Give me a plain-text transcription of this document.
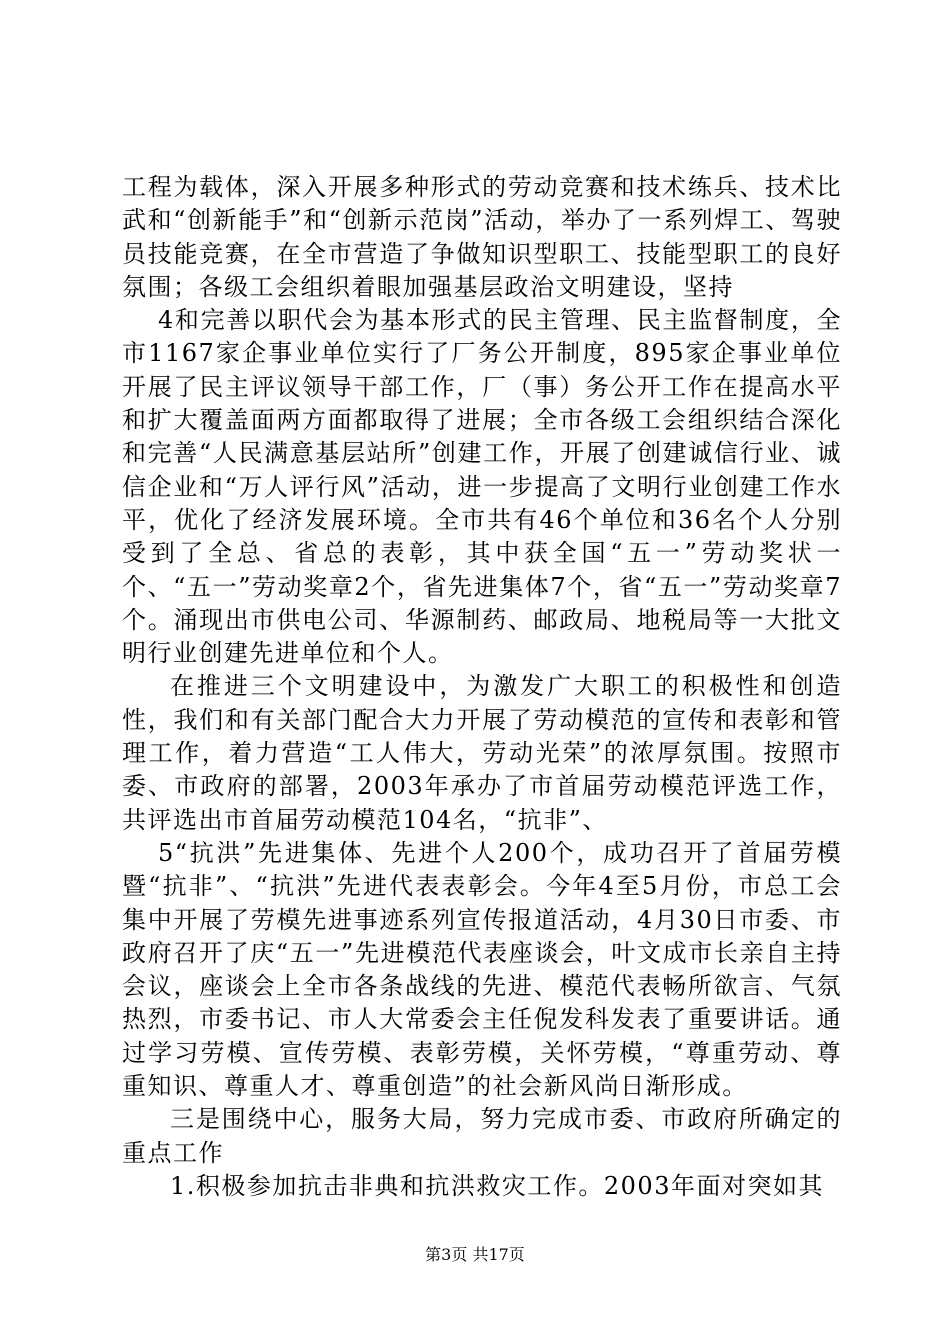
工程为载体，深入开展多种形式的劳动竞赛和技术练兵、技术比武和“创新能手”和“创新示范岗”活动，举办了一系列焊工、驾驶员技能竞赛，在全市营造了争做知识型职工、技能型职工的良好氛围；各级工会组织着眼加强基层政治文明建设，坚持

4和完善以职代会为基本形式的民主管理、民主监督制度，全市1167家企事业单位实行了厂务公开制度，895家企事业单位开展了民主评议领导干部工作，厂（事）务公开工作在提高水平和扩大覆盖面两方面都取得了进展；全市各级工会组织结合深化和完善“人民满意基层站所”创建工作，开展了创建诚信行业、诚信企业和“万人评行风”活动，进一步提高了文明行业创建工作水平，优化了经济发展环境。全市共有46个单位和36名个人分别受到了全总、省总的表彰，其中获全国“五一”劳动奖状一个、“五一”劳动奖章2个，省先进集体7个，省“五一”劳动奖章7个。涌现出市供电公司、华源制药、邮政局、地税局等一大批文明行业创建先进单位和个人。

在推进三个文明建设中，为激发广大职工的积极性和创造性，我们和有关部门配合大力开展了劳动模范的宣传和表彰和管理工作，着力营造“工人伟大，劳动光荣”的浓厚氛围。按照市委、市政府的部署，2003年承办了市首届劳动模范评选工作，共评选出市首届劳动模范104名，“抗非”、

5“抗洪”先进集体、先进个人200个，成功召开了首届劳模暨“抗非”、“抗洪”先进代表表彰会。今年4至5月份，市总工会集中开展了劳模先进事迹系列宣传报道活动，4月30日市委、市政府召开了庆“五一”先进模范代表座谈会，叶文成市长亲自主持会议，座谈会上全市各条战线的先进、模范代表畅所欲言、气氛热烈，市委书记、市人大常委会主任倪发科发表了重要讲话。通过学习劳模、宣传劳模、表彰劳模，关怀劳模，“尊重劳动、尊重知识、尊重人才、尊重创造”的社会新风尚日渐形成。

三是围绕中心，服务大局，努力完成市委、市政府所确定的重点工作

1.积极参加抗击非典和抗洪救灾工作。2003年面对突如其

第3页 共17页
